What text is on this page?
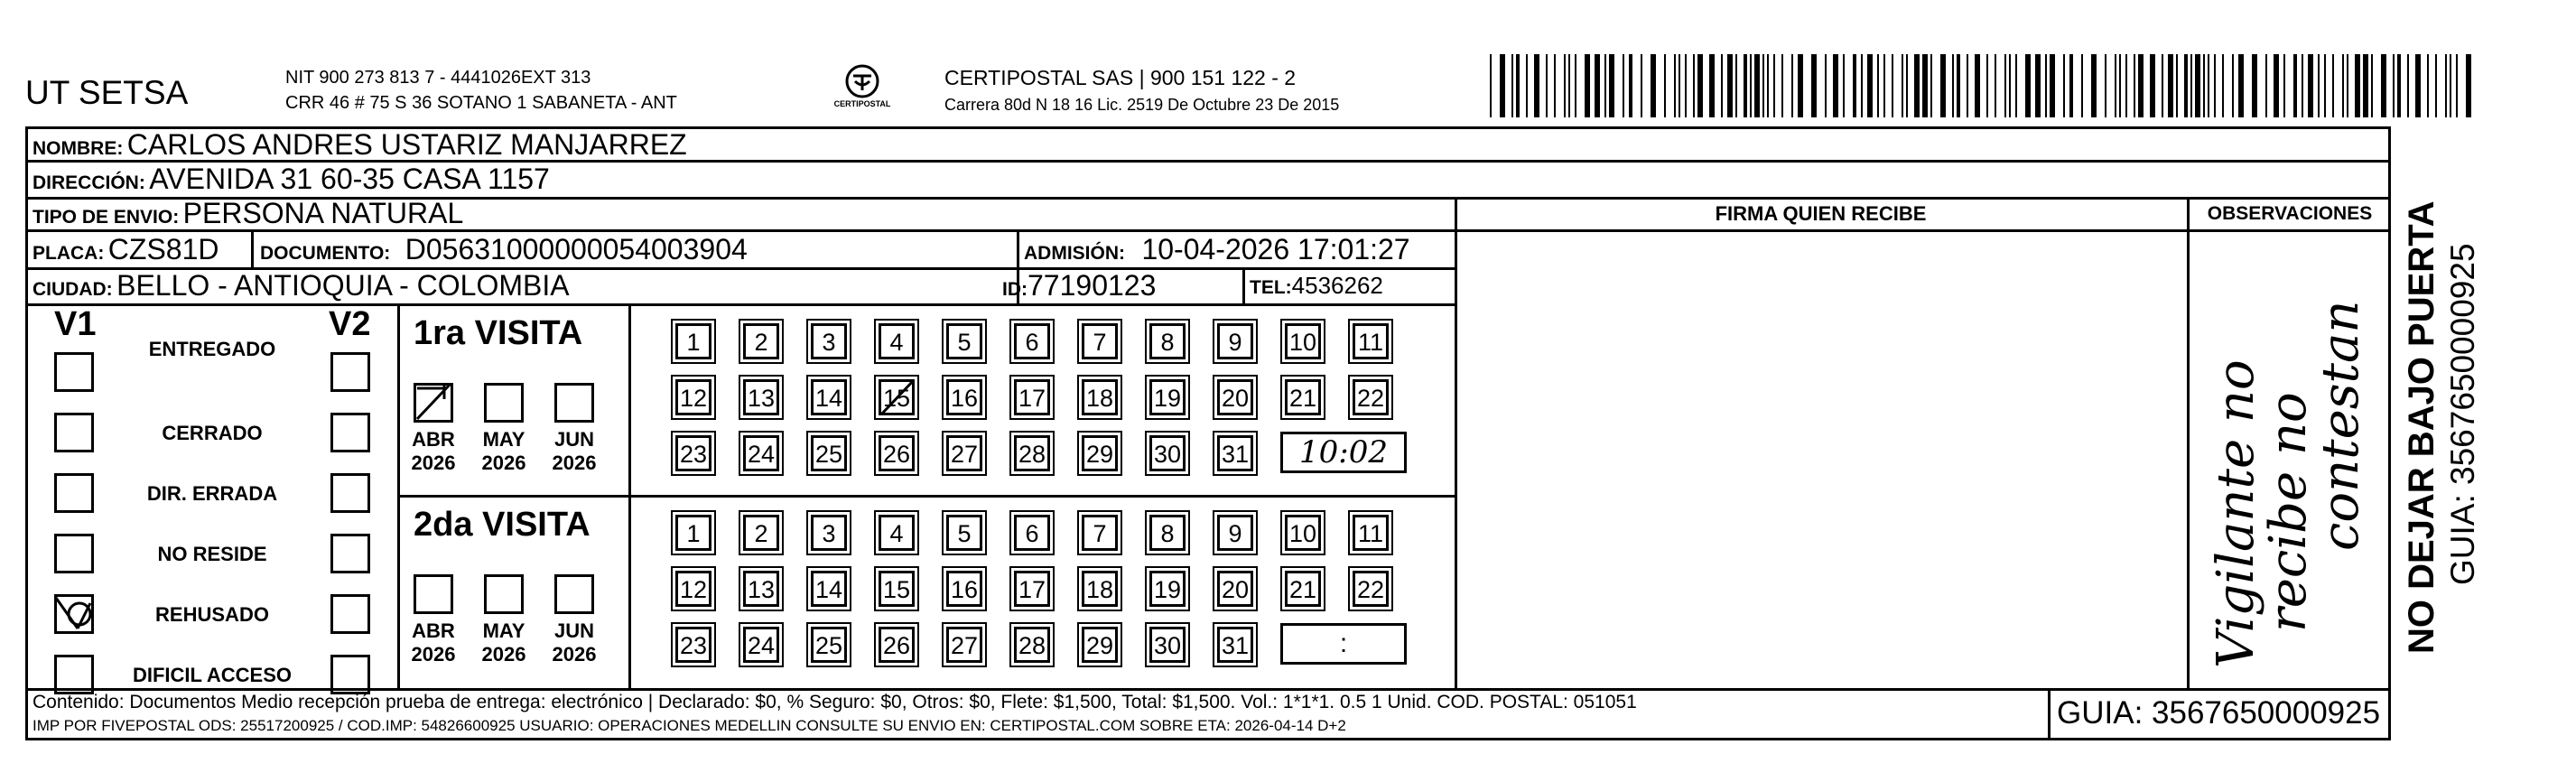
UT SETSA	NIT 900 273 813 7 - 4441026EXT 313
CRR 46 # 75 S 36 SOTANO 1 SABANETA - ANT	CERTIPOSTAL
CERTIPOSTAL SAS | 900 151 122 - 2
Carrera 80d N 18 16 Lic. 2519 De Octubre 23 De 2015
NOMBRE: CARLOS ANDRES USTARIZ MANJARREZ
DIRECCIÓN: AVENIDA 31 60-35 CASA 1157
TIPO DE ENVIO: PERSONA NATURAL	FIRMA QUIEN RECIBE	OBSERVACIONES
PLACA: CZS81D DOCUMENTO: D05631000000054003904	ADMISIÓN: 10-04-2026 17:01:27
CIUDAD: BELLO - ANTIOQUIA - COLOMBIA	ID:77190123	TEL:4536262
V1	V2
ENTREGADO
CERRADO
DIR. ERRADA
NO RESIDE
REHUSADO
DIFICIL ACCESO
1ra VISITA
ABR
2026
MAY
2026
JUN
2026
1	2	3	4	5	6	7	8	9	10 11
12 13 14 15 16 17 18 19 20 21 22
23 24 25 26 27 28 29 30 31	10:02
2da VISITA
ABR
2026
MAY
2026
JUN
2026
1	2	3	4	5	6	7	8	9	10 11
12 13 14 15 16 17 18 19 20 21 22
23 24 25 26 27 28 29 30 31	:	Vigilante no
recibe no
contestan
Contenido: Documentos Medio recepción prueba de entrega: electrónico | Declarado: $0, % Seguro: $0, Otros: $0, Flete: $1,500, Total: $1,500. Vol.: 1*1*1. 0.5 1 Unid. COD. POSTAL: 051051
IMP POR FIVEPOSTAL ODS: 25517200925 / COD.IMP: 54826600925 USUARIO: OPERACIONES MEDELLIN CONSULTE SU ENVIO EN: CERTIPOSTAL.COM SOBRE ETA: 2026-04-14 D+2	GUIA: 3567650000925
NO DEJAR BAJO PUERTA GUIA: 3567650000925
